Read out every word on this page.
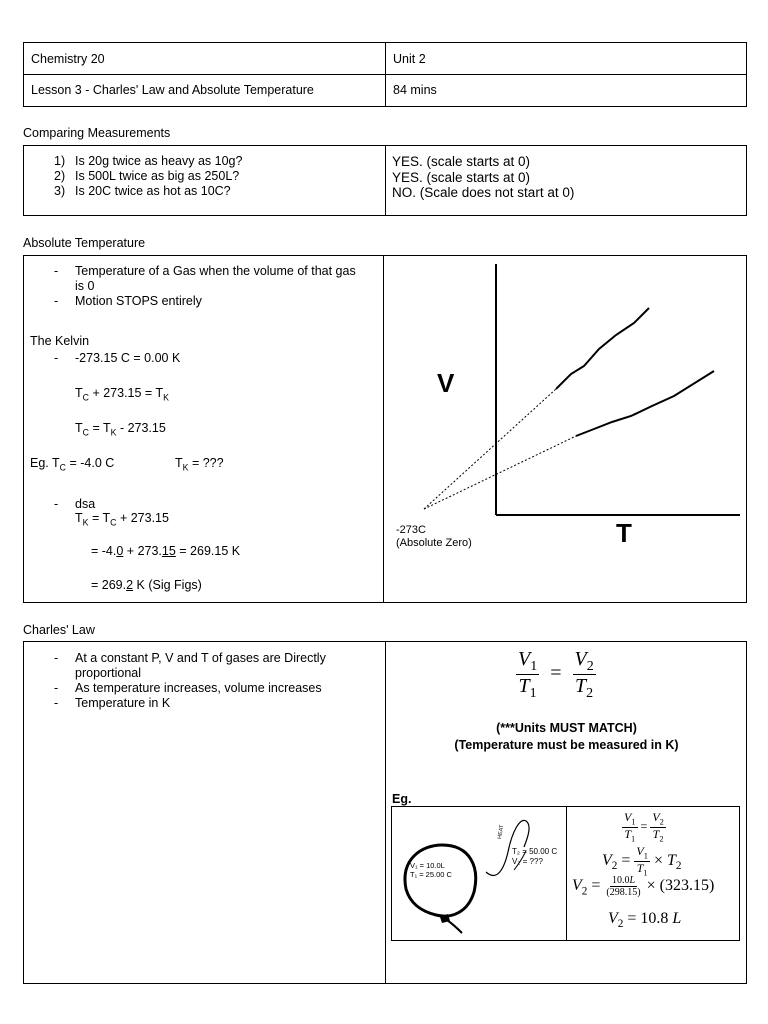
Chemistry 20	Unit 2

Lesson 3 - Charles' Law and Absolute Temperature	84 mins
Comparing Measurements
1) Is 20g twice as heavy as 10g?
2) Is 500L twice as big as 250L?
3) Is 20C twice as hot as 10C?

YES. (scale starts at 0)
YES. (scale starts at 0)
NO. (Scale does not start at 0)
Absolute Temperature
- Temperature of a Gas when the volume of that gas is 0
- Motion STOPS entirely
The Kelvin
- -273.15 C = 0.00 K
$T_C + 273.15 = T_K$
$T_C = T_K - 273.15$
Eg. $T_C = -4.0$ C	$T_K$ = ???
- dsa
$T_K = T_C + 273.15$
= -4.0 + 273.15 = 269.15 K
= 269.2 K (Sig Figs)

V
T
-273C
(Absolute Zero)
Charles' Law
- At a constant P, V and T of gases are Directly proportional
- As temperature increases, volume increases
- Temperature in K

$\frac{V_1}{T_1} = \frac{V_2}{T_2}$
(***Units MUST MATCH)
(Temperature must be measured in K)
Eg.
V₁ = 10.0L
T₁ = 25.00 C
HEAT
T₂ = 50.00 C
V₂ = ???
$\frac{V_1}{T_1} = \frac{V_2}{T_2}$
$V_2 = \frac{V_1}{T_1} \times T_2$
$V_2 = \frac{10.0L}{(298.15)} \times (323.15)$
$V_2 = 10.8$ L
